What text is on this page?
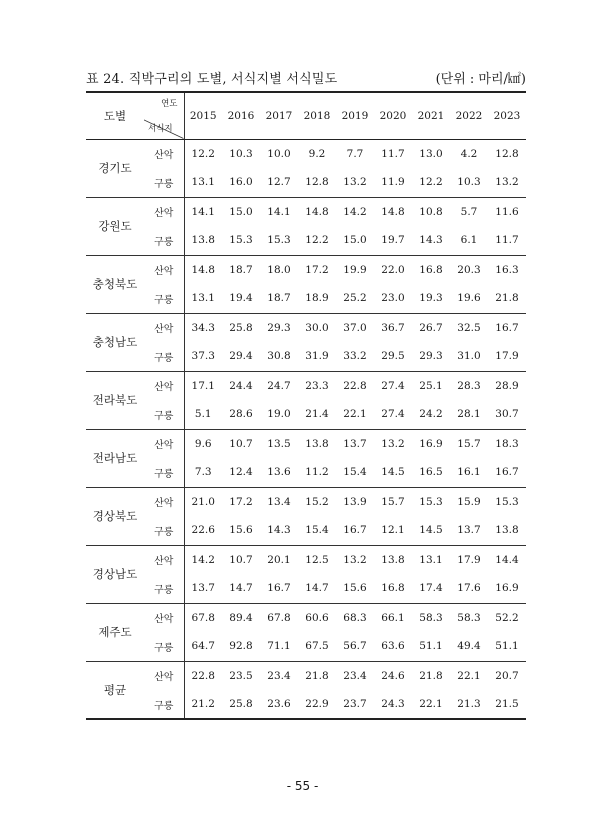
표 24. 직박구리의 도별, 서식지별 서식밀도	(단위 : 마리/㎢)
도별	연도
서식지	2015	2016	2017	2018	2019	2020	2021	2022	2023
경기도	산악	12.2	10.3	10.0	9.2	7.7	11.7	13.0	4.2	12.8
	구릉	13.1	16.0	12.7	12.8	13.2	11.9	12.2	10.3	13.2
강원도	산악	14.1	15.0	14.1	14.8	14.2	14.8	10.8	5.7	11.6
	구릉	13.8	15.3	15.3	12.2	15.0	19.7	14.3	6.1	11.7
충청북도	산악	14.8	18.7	18.0	17.2	19.9	22.0	16.8	20.3	16.3
	구릉	13.1	19.4	18.7	18.9	25.2	23.0	19.3	19.6	21.8
충청남도	산악	34.3	25.8	29.3	30.0	37.0	36.7	26.7	32.5	16.7
	구릉	37.3	29.4	30.8	31.9	33.2	29.5	29.3	31.0	17.9
전라북도	산악	17.1	24.4	24.7	23.3	22.8	27.4	25.1	28.3	28.9
	구릉	5.1	28.6	19.0	21.4	22.1	27.4	24.2	28.1	30.7
전라남도	산악	9.6	10.7	13.5	13.8	13.7	13.2	16.9	15.7	18.3
	구릉	7.3	12.4	13.6	11.2	15.4	14.5	16.5	16.1	16.7
경상북도	산악	21.0	17.2	13.4	15.2	13.9	15.7	15.3	15.9	15.3
	구릉	22.6	15.6	14.3	15.4	16.7	12.1	14.5	13.7	13.8
경상남도	산악	14.2	10.7	20.1	12.5	13.2	13.8	13.1	17.9	14.4
	구릉	13.7	14.7	16.7	14.7	15.6	16.8	17.4	17.6	16.9
제주도	산악	67.8	89.4	67.8	60.6	68.3	66.1	58.3	58.3	52.2
	구릉	64.7	92.8	71.1	67.5	56.7	63.6	51.1	49.4	51.1
평균	산악	22.8	23.5	23.4	21.8	23.4	24.6	21.8	22.1	20.7
	구릉	21.2	25.8	23.6	22.9	23.7	24.3	22.1	21.3	21.5
- 55 -
